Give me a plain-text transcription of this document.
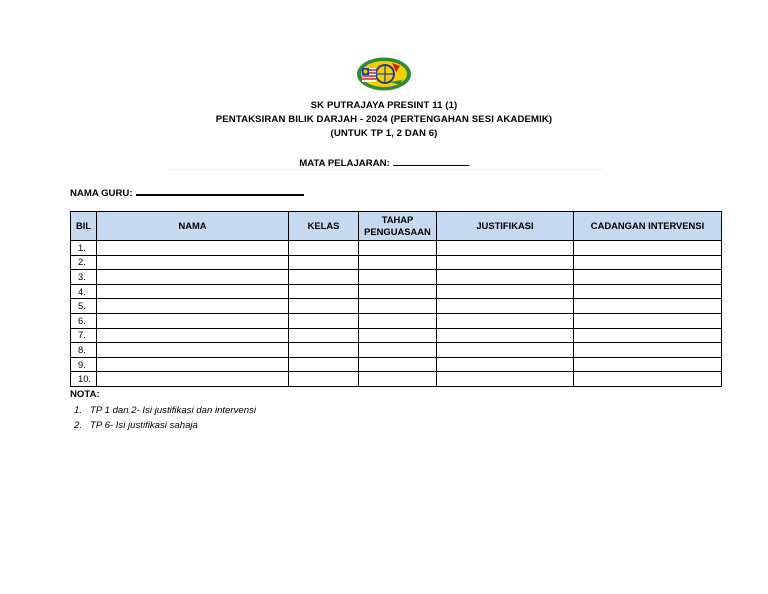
SK PUTRAJAYA PRESINT 11 (1)
PENTAKSIRAN BILIK DARJAH - 2024 (PERTENGAHAN SESI AKADEMIK)
(UNTUK TP 1, 2 DAN 6)
MATA PELAJARAN:
NAMA GURU:
BIL	NAMA	KELAS	TAHAP PENGUASAAN	JUSTIFIKASI	CADANGAN INTERVENSI
1.					
2.					
3.					
4.					
5.					
6.					
7.					
8.					
9.					
10.					
NOTA:
1. TP 1 dan 2- Isi justifikasi dan intervensi
2. TP 6- Isi justifikasi sahaja
